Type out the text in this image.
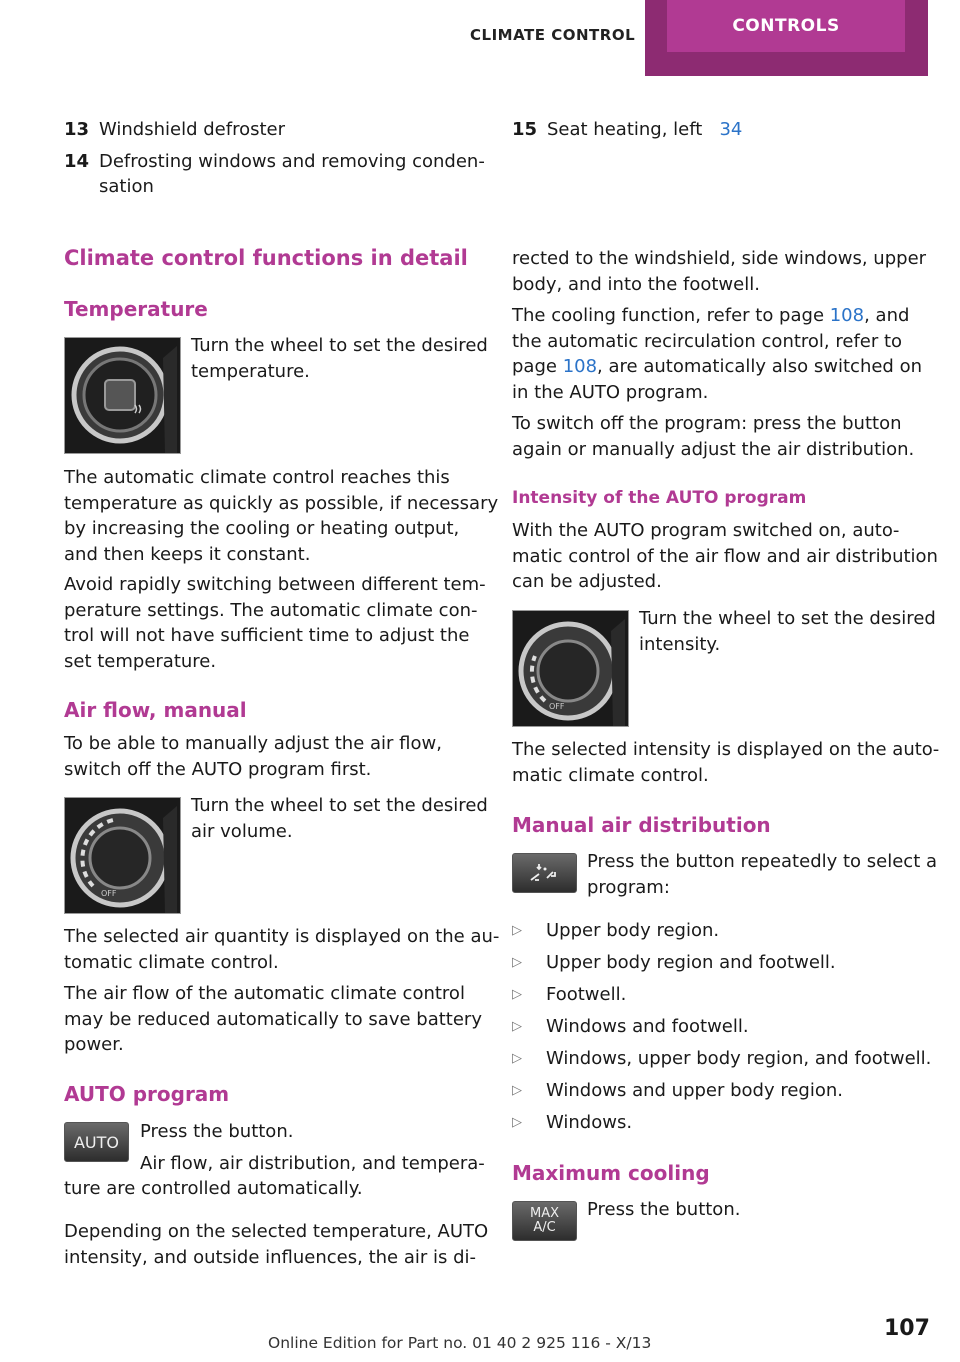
CLIMATE CONTROL	CONTROLS
13 Windshield defroster
14 Defrosting windows and removing conden‐
sation
15 Seat heating, left 34
Climate control functions in detail
Temperature
Turn the wheel to set the desired
temperature.
The automatic climate control reaches this
temperature as quickly as possible, if necessary
by increasing the cooling or heating output,
and then keeps it constant.
Avoid rapidly switching between different tem‐
perature settings. The automatic climate con‐
trol will not have sufficient time to adjust the
set temperature.
Air flow, manual
To be able to manually adjust the air flow,
switch off the AUTO program first.
OFF
Turn the wheel to set the desired
air volume.
The selected air quantity is displayed on the au‐
tomatic climate control.
The air flow of the automatic climate control
may be reduced automatically to save battery
power.
AUTO program
AUTO	Press the button.
Air flow, air distribution, and tempera‐
ture are controlled automatically.
Depending on the selected temperature, AUTO
intensity, and outside influences, the air is di‐
rected to the windshield, side windows, upper
body, and into the footwell.
The cooling function, refer to page 108, and
the automatic recirculation control, refer to
page 108, are automatically also switched on
in the AUTO program.
To switch off the program: press the button
again or manually adjust the air distribution.
Intensity of the AUTO program
With the AUTO program switched on, auto‐
matic control of the air flow and air distribution
can be adjusted.
OFF
Turn the wheel to set the desired
intensity.
The selected intensity is displayed on the auto‐
matic climate control.
Manual air distribution
Press the button repeatedly to select a
program:
▷ Upper body region.
▷ Upper body region and footwell.
▷ Footwell.
▷ Windows and footwell.
▷ Windows, upper body region, and footwell.
▷ Windows and upper body region.
▷ Windows.
Maximum cooling
MAX
A/C
Press the button.
107
Online Edition for Part no. 01 40 2 925 116 - X/13
